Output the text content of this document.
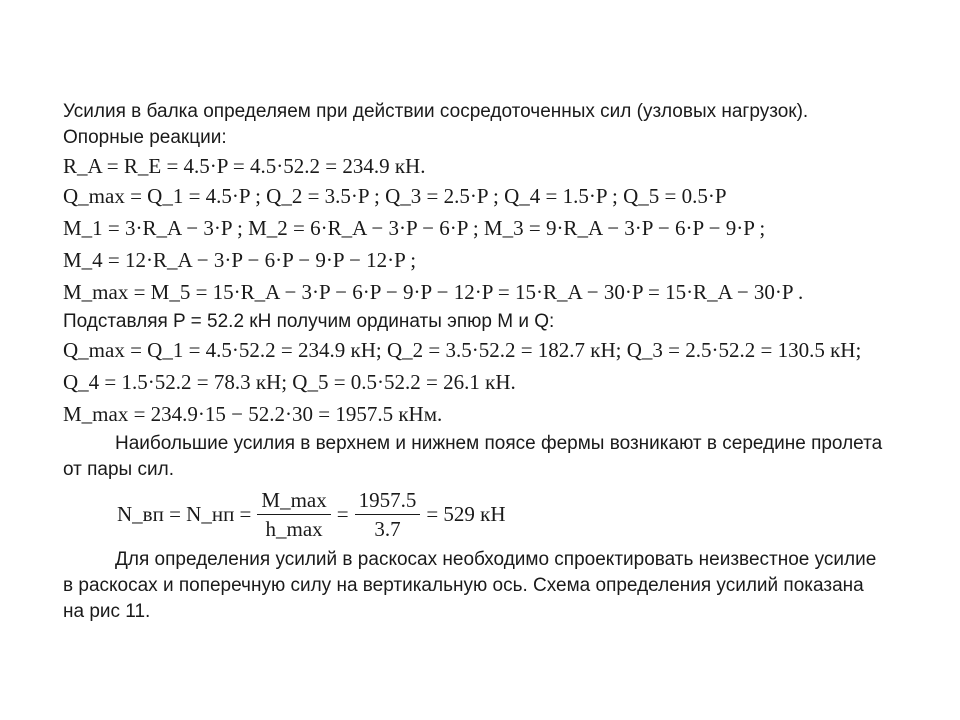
Усилия в балка определяем при действии сосредоточенных сил (узловых нагрузок).
Опорные реакции:
R_A = R_E = 4.5·P = 4.5·52.2 = 234.9 кН.
Q_max = Q_1 = 4.5·P ; Q_2 = 3.5·P ; Q_3 = 2.5·P ; Q_4 = 1.5·P ; Q_5 = 0.5·P
M_1 = 3·R_A − 3·P ; M_2 = 6·R_A − 3·P − 6·P ; M_3 = 9·R_A − 3·P − 6·P − 9·P ;
M_4 = 12·R_A − 3·P − 6·P − 9·P − 12·P ;
M_max = M_5 = 15·R_A − 3·P − 6·P − 9·P − 12·P = 15·R_A − 30·P = 15·R_A − 30·P .
Подставляя P = 52.2 кН получим ординаты эпюр M и Q:
Q_max = Q_1 = 4.5·52.2 = 234.9 кН; Q_2 = 3.5·52.2 = 182.7 кН; Q_3 = 2.5·52.2 = 130.5 кН;
Q_4 = 1.5·52.2 = 78.3 кН; Q_5 = 0.5·52.2 = 26.1 кН.
M_max = 234.9·15 − 52.2·30 = 1957.5 кНм.
Наибольшие усилия в верхнем и нижнем поясе фермы возникают в середине пролета
от пары сил.
N_вп = N_нп = $\frac{M\_\max}{h\_\max} = \frac{1957.5}{3.7} = 529$ кН
Для определения усилий в раскосах необходимо спроектировать неизвестное усилие
в раскосах и поперечную силу на вертикальную ось. Схема определения усилий показана
на рис 11.
